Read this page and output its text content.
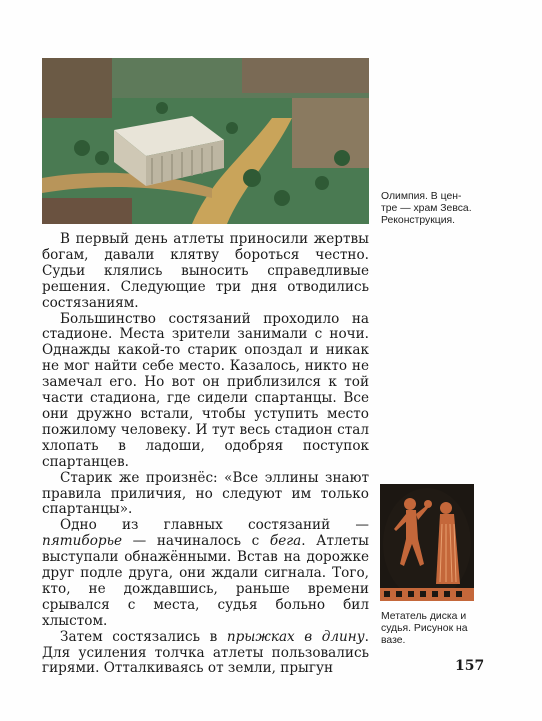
Олимпия. В цен-
тре — храм Зевса.
Реконструкция.

В первый день атлеты приносили жертвы богам, давали клятву бороться честно. Судьи клялись выносить справедливые решения. Следующие три дня отводились состязаниям.

Большинство состязаний проходило на стадионе. Места зрители занимали с ночи. Однажды какой-то старик опоздал и никак не мог найти себе место. Казалось, никто не замечал его. Но вот он приблизился к той части стадиона, где сидели спартанцы. Все они дружно встали, чтобы уступить место пожилому человеку. И тут весь стадион стал хлопать в ладоши, одобряя поступок спартанцев.

Старик же произнёс: «Все эллины знают правила приличия, но следуют им только спартанцы».

Одно из главных состязаний — пятиборье — начиналось с бега. Атлеты выступали обнажёнными. Встав на дорожке друг подле друга, они ждали сигнала. Того, кто, не дождавшись, раньше времени срывался с места, судья больно бил хлыстом.

Затем состязались в прыжках в длину. Для усиления толчка атлеты пользовались гирями. Отталкиваясь от земли, прыгун

Метатель диска и
судья. Рисунок на
вазе.
157
